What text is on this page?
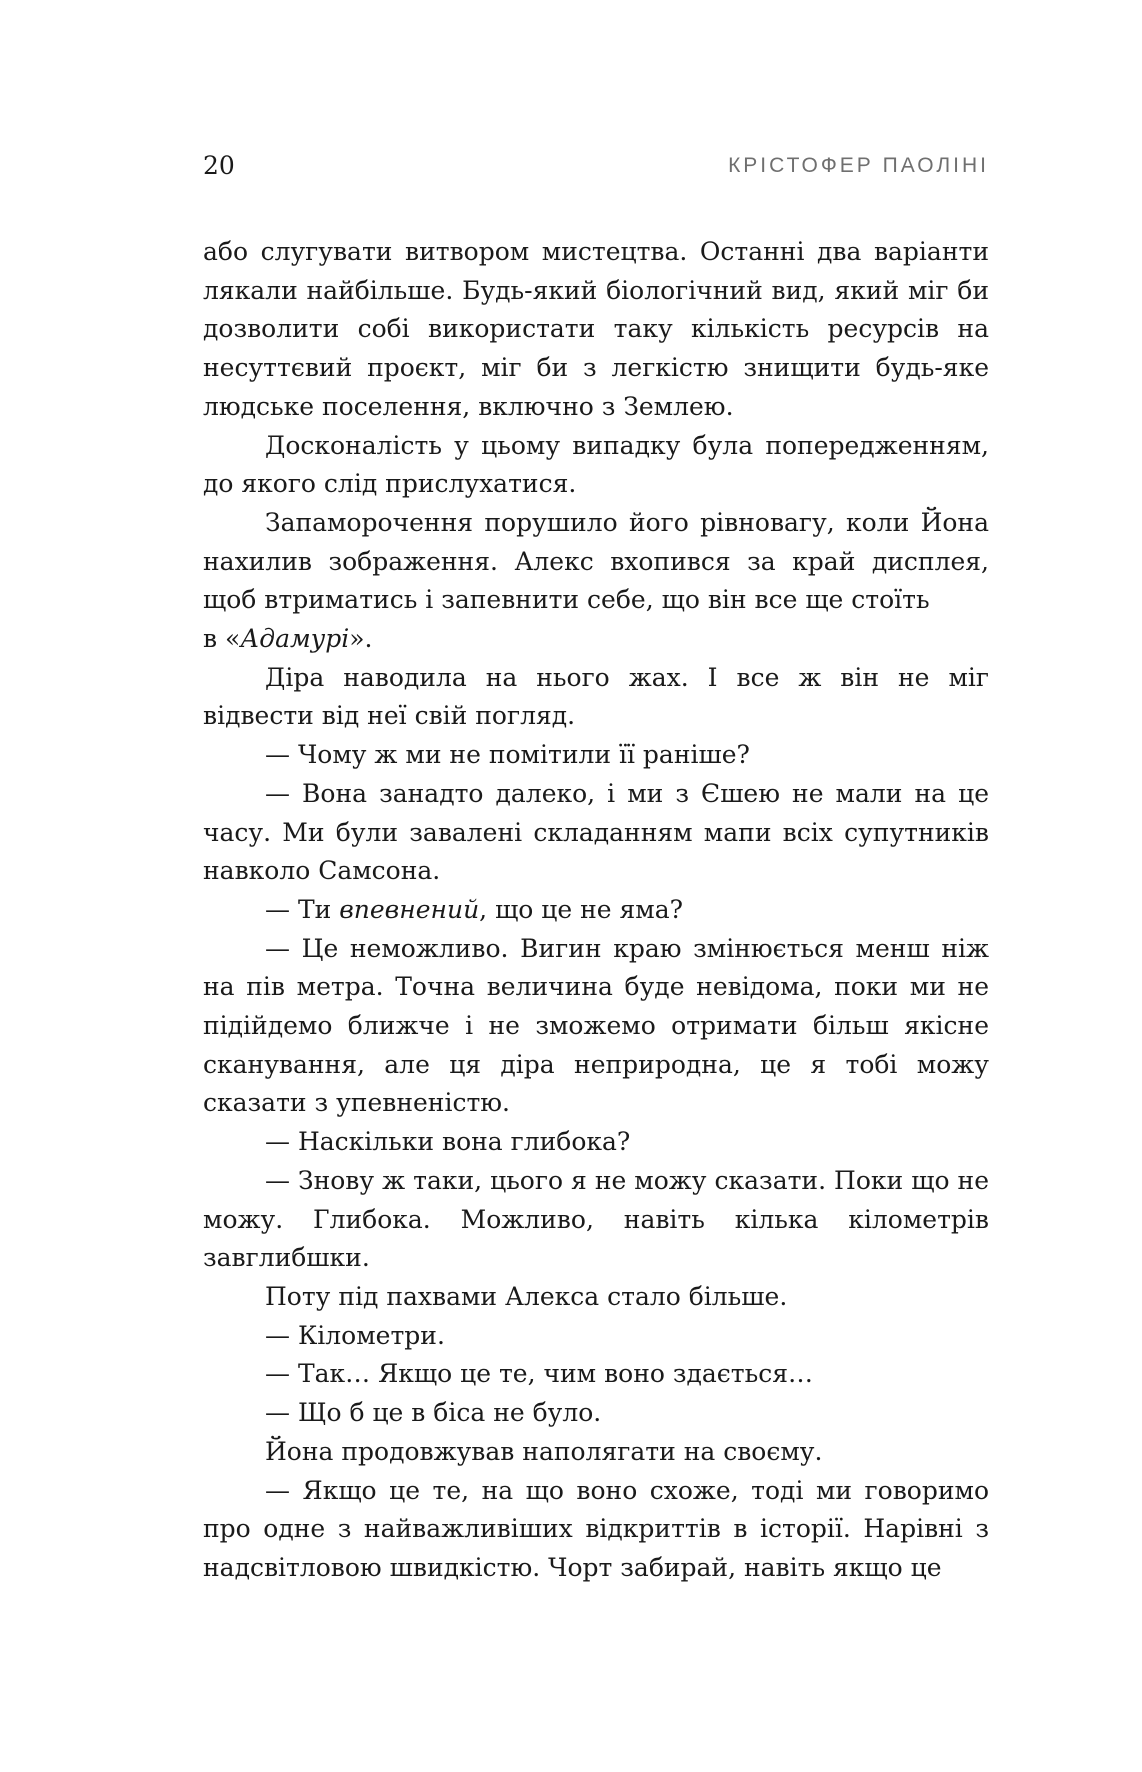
20	КРІСТОФЕР ПАОЛІНІ

або слугувати витвором мистецтва. Останні два варіанти лякали найбільше. Будь-який біологічний вид, який міг би дозволити собі використати таку кількість ресурсів на несуттєвий проєкт, міг би з легкістю знищити будь-яке людське поселення, включно з Землею.

Досконалість у цьому випадку була попередженням, до якого слід прислухатися.

Запаморочення порушило його рівновагу, коли Йона нахилив зображення. Алекс вхопився за край дисплея, щоб втриматись і запевнити себе, що він все ще стоїть

в «Адамурі».

Діра наводила на нього жах. І все ж він не міг відвести від неї свій погляд.

— Чому ж ми не помітили її раніше?

— Вона занадто далеко, і ми з Єшею не мали на це часу. Ми були завалені складанням мапи всіх супутників навколо Самсона.

— Ти впевнений, що це не яма?

— Це неможливо. Вигин краю змінюється менш ніж на пів метра. Точна величина буде невідома, поки ми не підійдемо ближче і не зможемо отримати більш якісне сканування, але ця діра неприродна, це я тобі можу сказати з упевненістю.

— Наскільки вона глибока?

— Знову ж таки, цього я не можу сказати. Поки що не можу. Глибока. Можливо, навіть кілька кілометрів завглибшки.

Поту під пахвами Алекса стало більше.

— Кілометри.

— Так… Якщо це те, чим воно здається…

— Що б це в біса не було.

Йона продовжував наполягати на своєму.

— Якщо це те, на що воно схоже, тоді ми говоримо про одне з найважливіших відкриттів в історії. Нарівні з надсвітловою швидкістю. Чорт забирай, навіть якщо це
